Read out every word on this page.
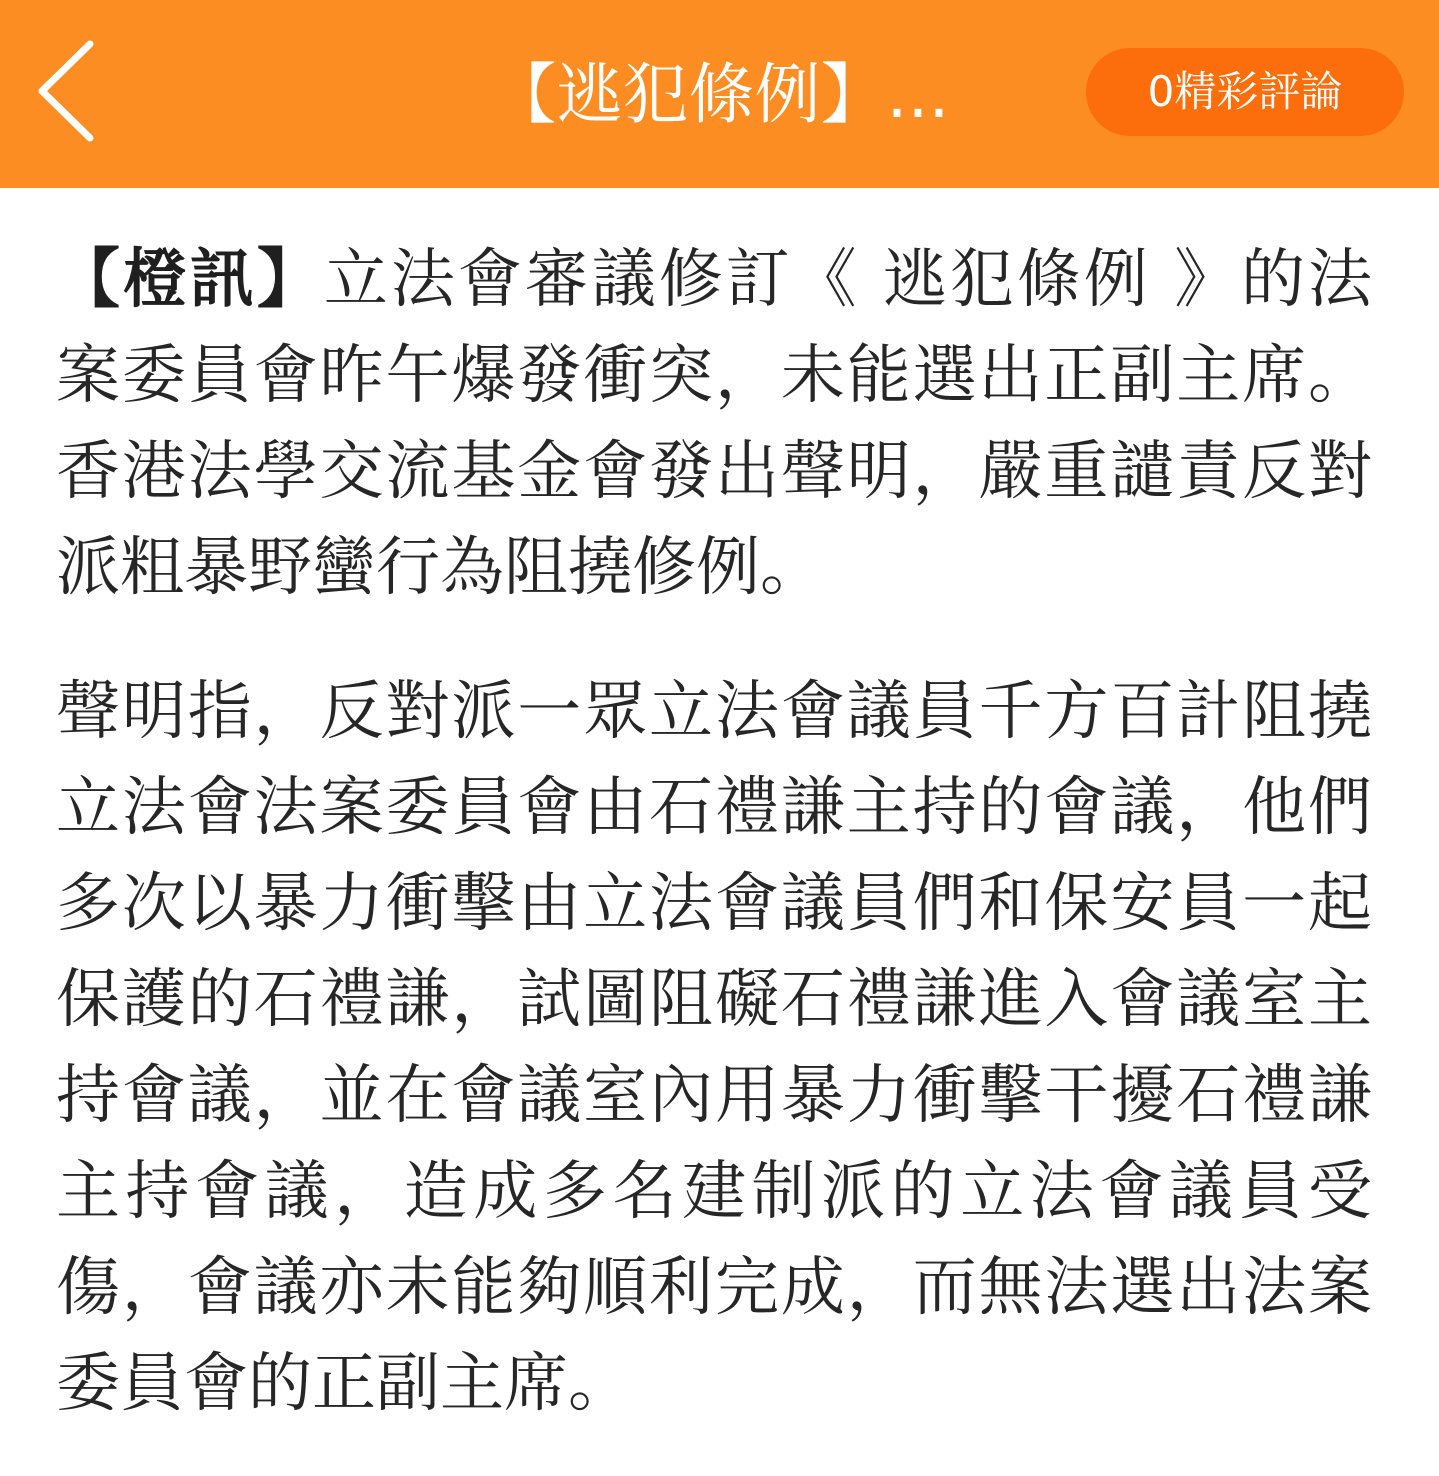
【逃犯條例】...	0精彩評論

【橙訊】立法會審議修訂《 逃犯條例 》的法案委員會昨午爆發衝突，未能選出正副主席。香港法學交流基金會發出聲明，嚴重譴責反對派粗暴野蠻行為阻撓修例。

聲明指，反對派一眾立法會議員千方百計阻撓立法會法案委員會由石禮謙主持的會議，他們多次以暴力衝擊由立法會議員們和保安員一起保護的石禮謙，試圖阻礙石禮謙進入會議室主持會議，並在會議室內用暴力衝擊干擾石禮謙主持會議，造成多名建制派的立法會議員受傷，會議亦未能夠順利完成，而無法選出法案委員會的正副主席。
